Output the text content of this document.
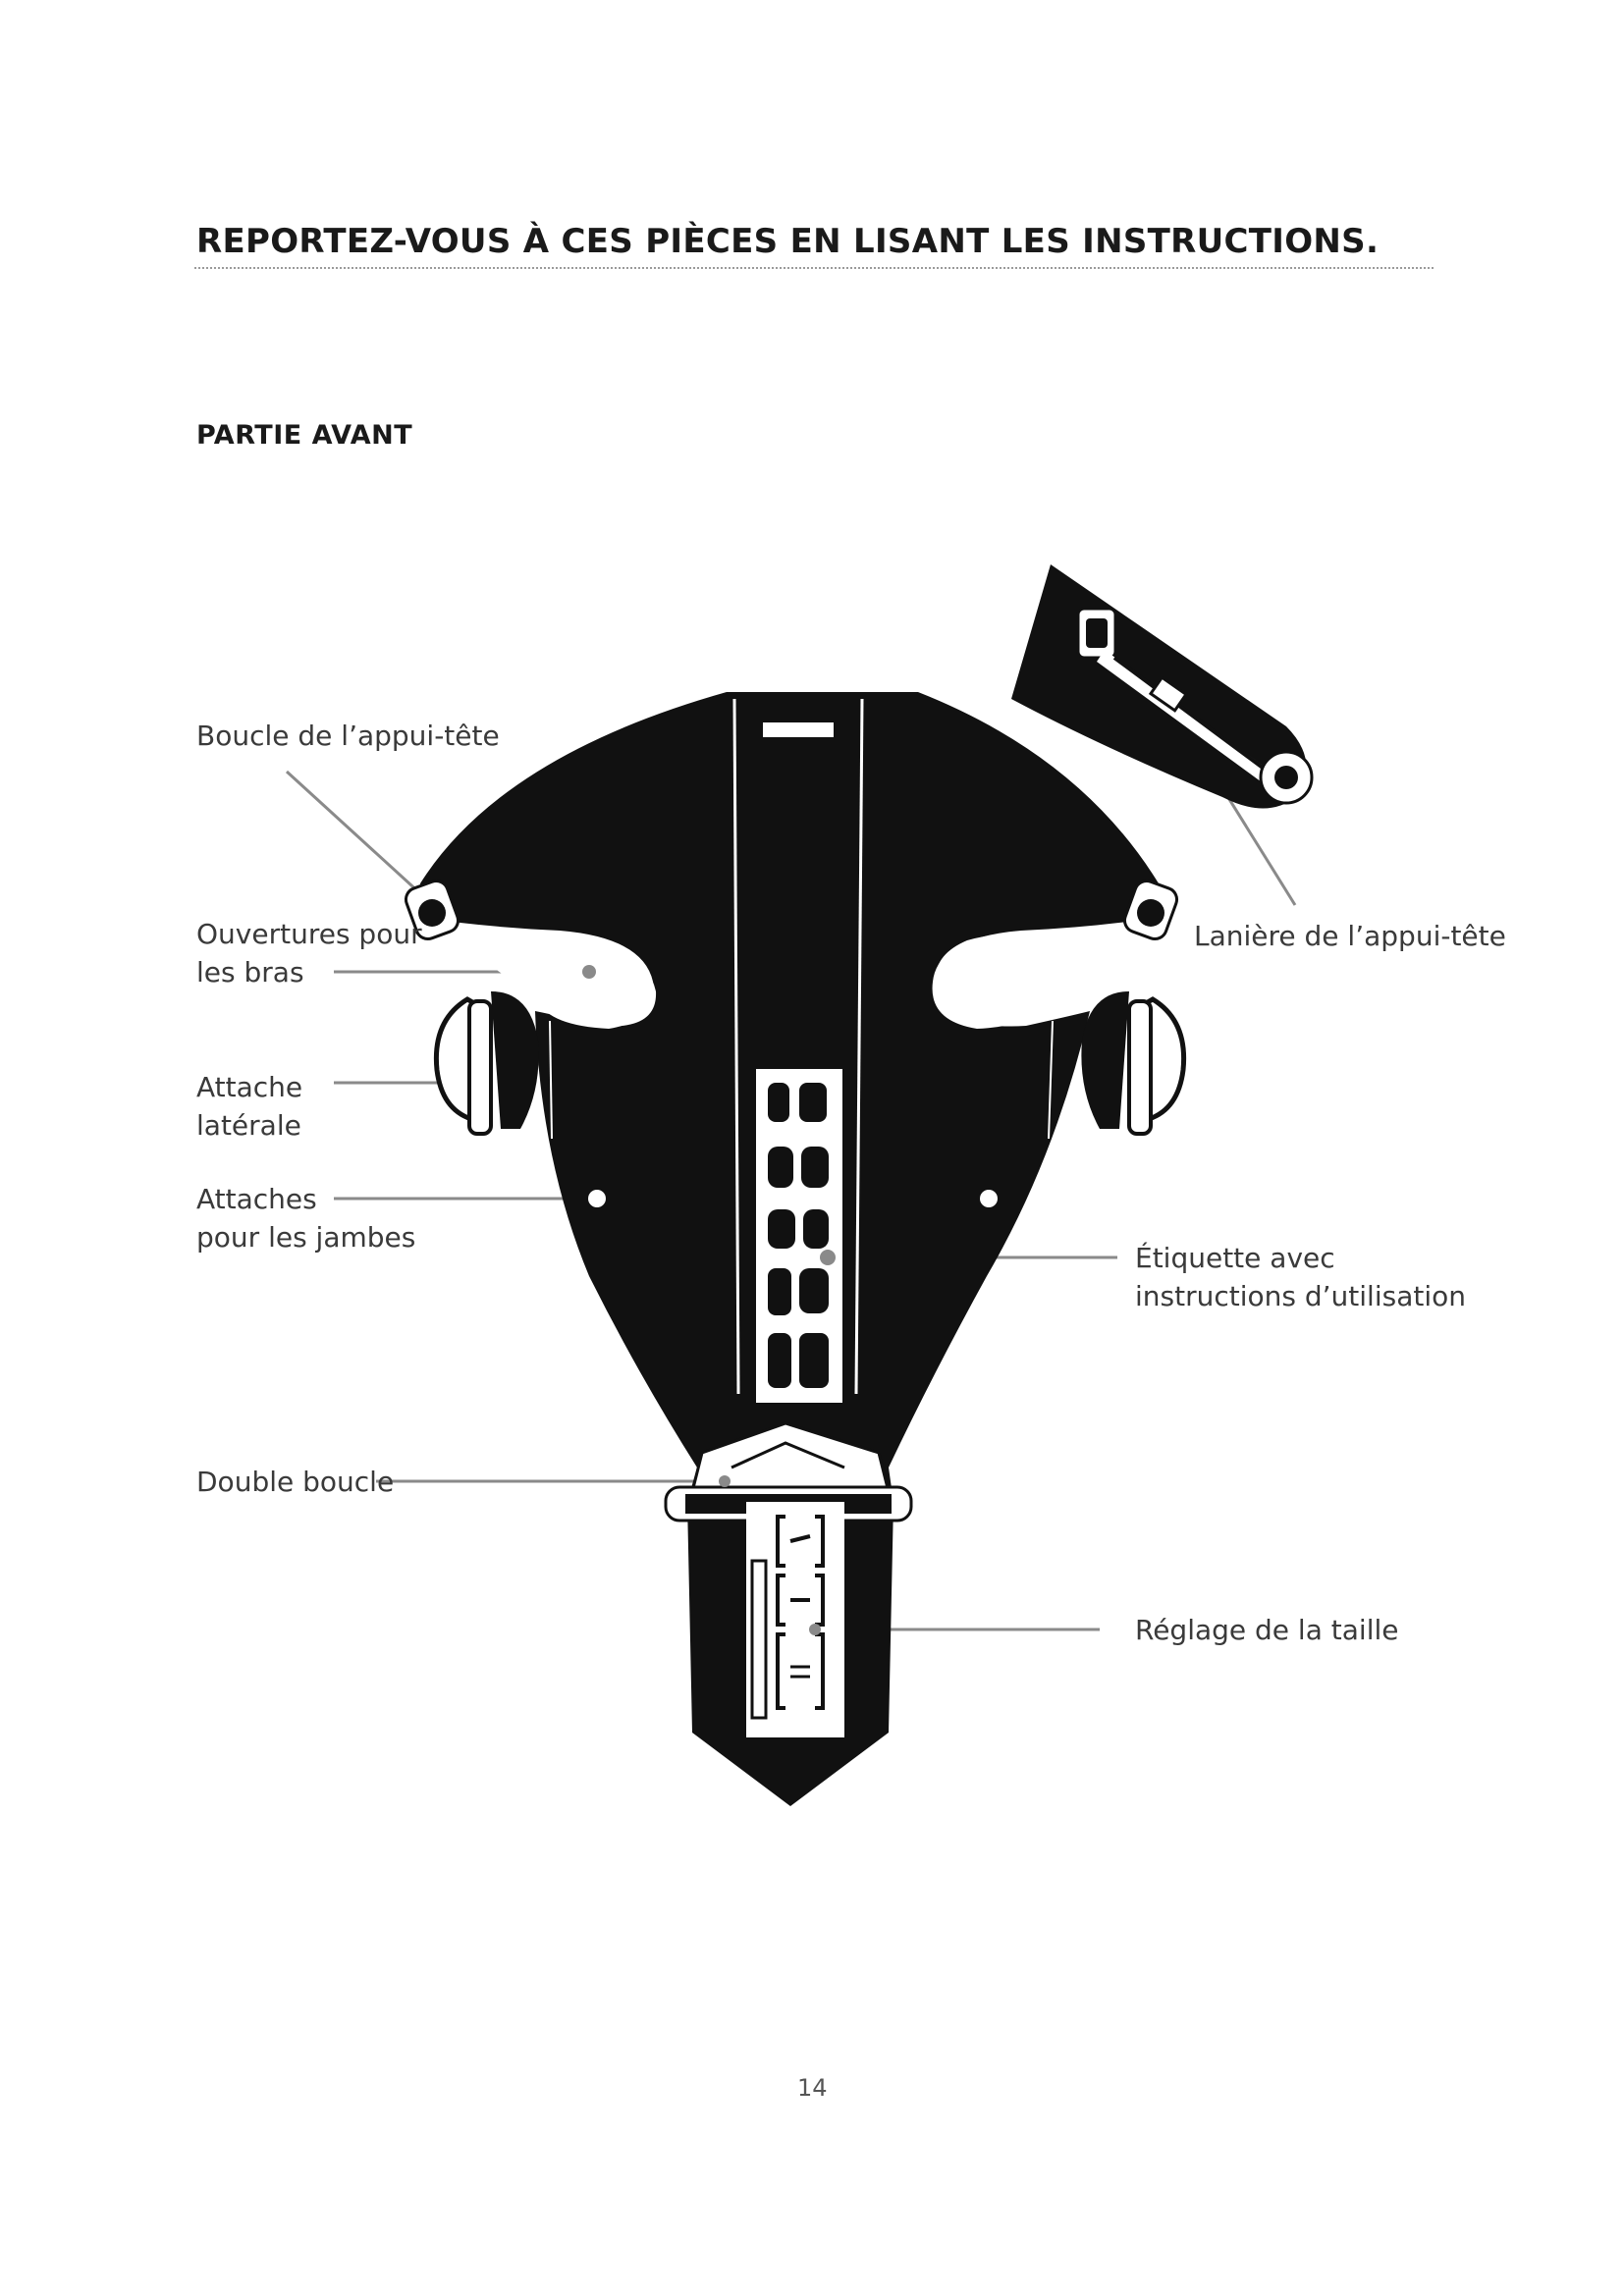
REPORTEZ-VOUS À CES PIÈCES EN LISANT LES INSTRUCTIONS.
PARTIE AVANT
Boucle de l’appui-tête
Ouvertures pour
les bras
Attache
latérale
Attaches
pour les jambes
Double boucle
Lanière de l’appui-tête
Étiquette avec
instructions d’utilisation
Réglage de la taille
14
